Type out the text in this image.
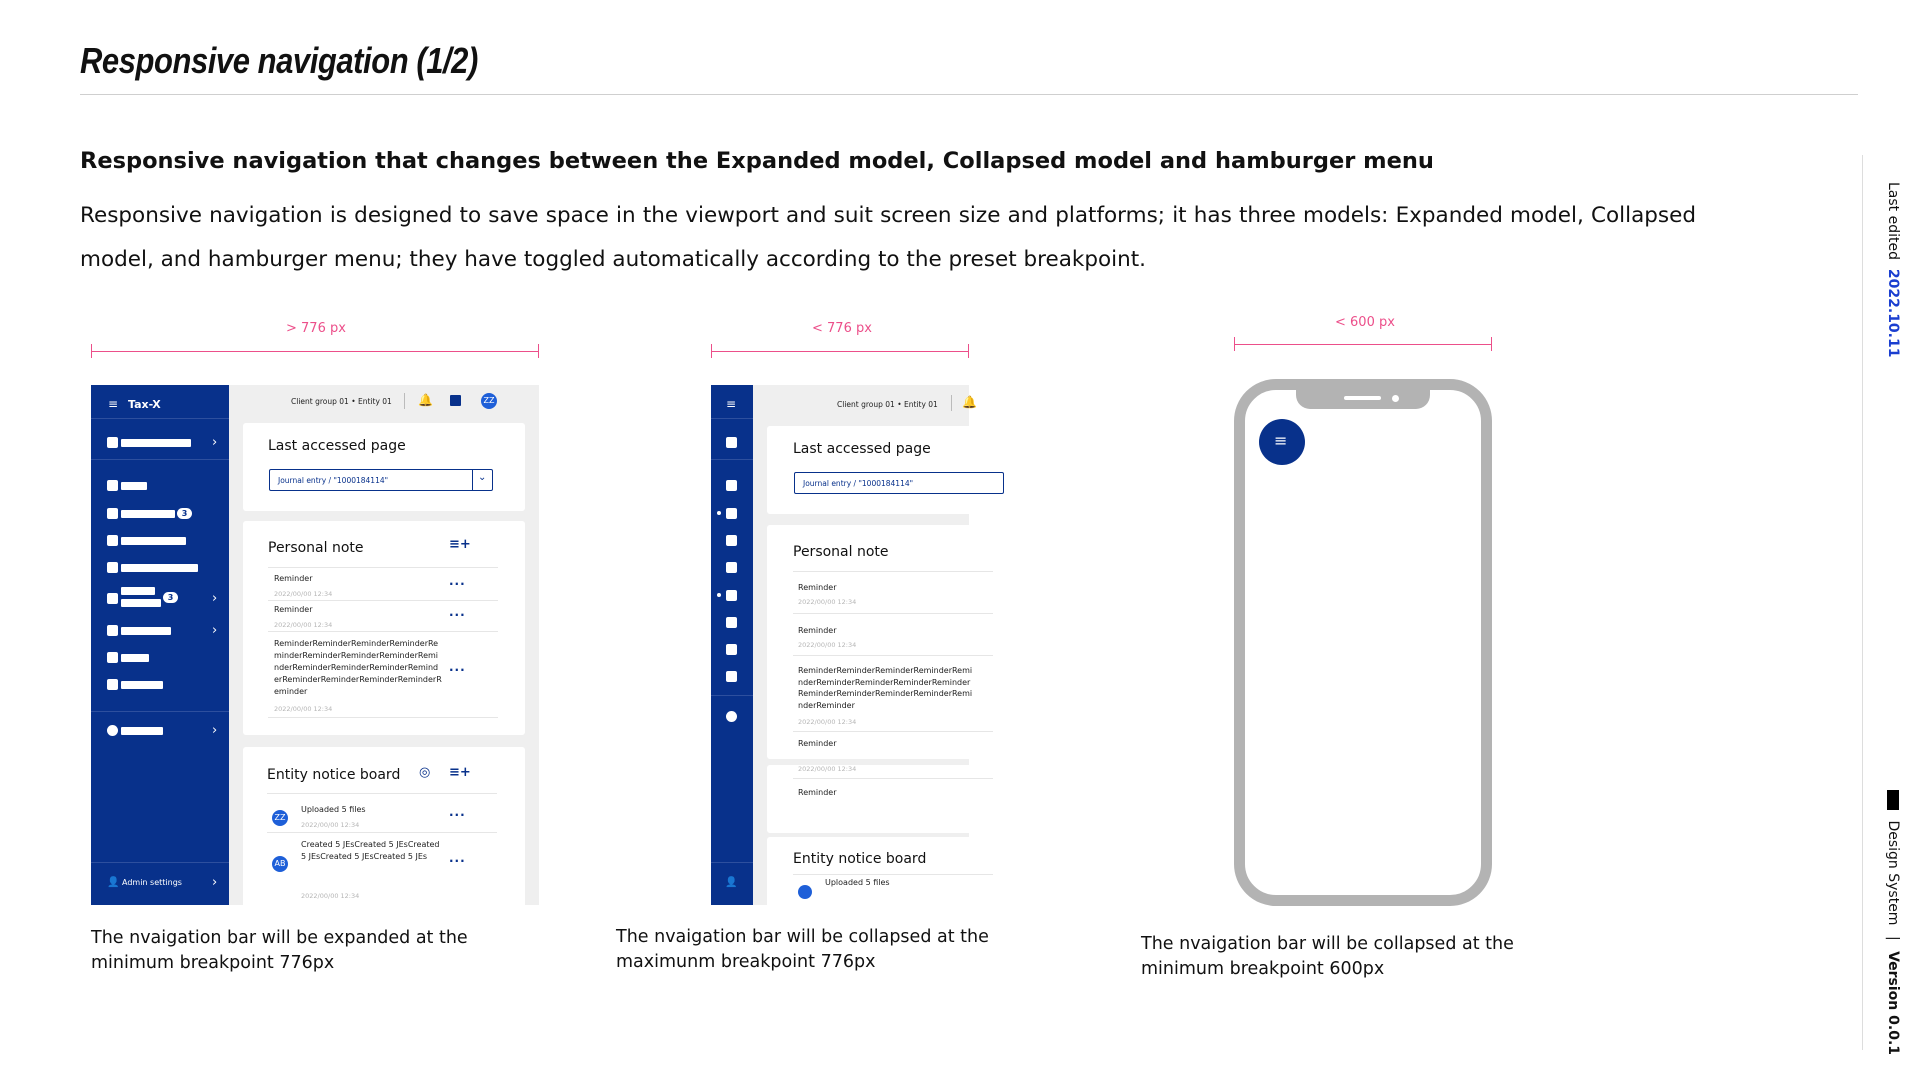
Responsive navigation (1/2)
Responsive navigation that changes between the Expanded model, Collapsed model and hamburger menu
Responsive navigation is designed to save space in the viewport and suit screen size and platforms; it has three models: Expanded model, Collapsed model, and hamburger menu; they have toggled automatically according to the preset breakpoint.	Last edited  2022.10.11
Design System | Version 0.0.1
> 776 px
≡ Tax-X
›
3
3	›
›
›
👤 Admin settings ›
Client group 01 • Entity 01 🔔	ZZ
Last accessed page
Journal entry / "1000184114"	⌄
Personal note	≡+
Reminder
2022/00/00 12:34
···
Reminder
2022/00/00 12:34
···
ReminderReminderReminderReminderReminderReminderReminderReminderReminderReminderReminderReminderReminderReminderReminderReminderReminderReminder
2022/00/00 12:34
···
Entity notice board ◎ ≡+
ZZ
Uploaded 5 files
2022/00/00 12:34
···
AB
Created 5 JEsCreated 5 JEsCreated 5 JEsCreated 5 JEsCreated 5 JEs
2022/00/00 12:34
···
The nvaigation bar will be expanded at the
minimum breakpoint 776px
< 776 px
≡
👤
Client group 01 • Entity 01 🔔
Last accessed page
Journal entry / "1000184114"
Personal note
Reminder
2022/00/00 12:34
Reminder
2022/00/00 12:34
ReminderReminderReminderReminderReminderReminderReminderReminderReminderReminderReminderReminderReminderReminderReminder
2022/00/00 12:34
Reminder
2022/00/00 12:34
Reminder
Entity notice board
Uploaded 5 files
The nvaigation bar will be collapsed at the
maximunm breakpoint 776px
< 600 px
≡
The nvaigation bar will be collapsed at the
minimum breakpoint 600px
